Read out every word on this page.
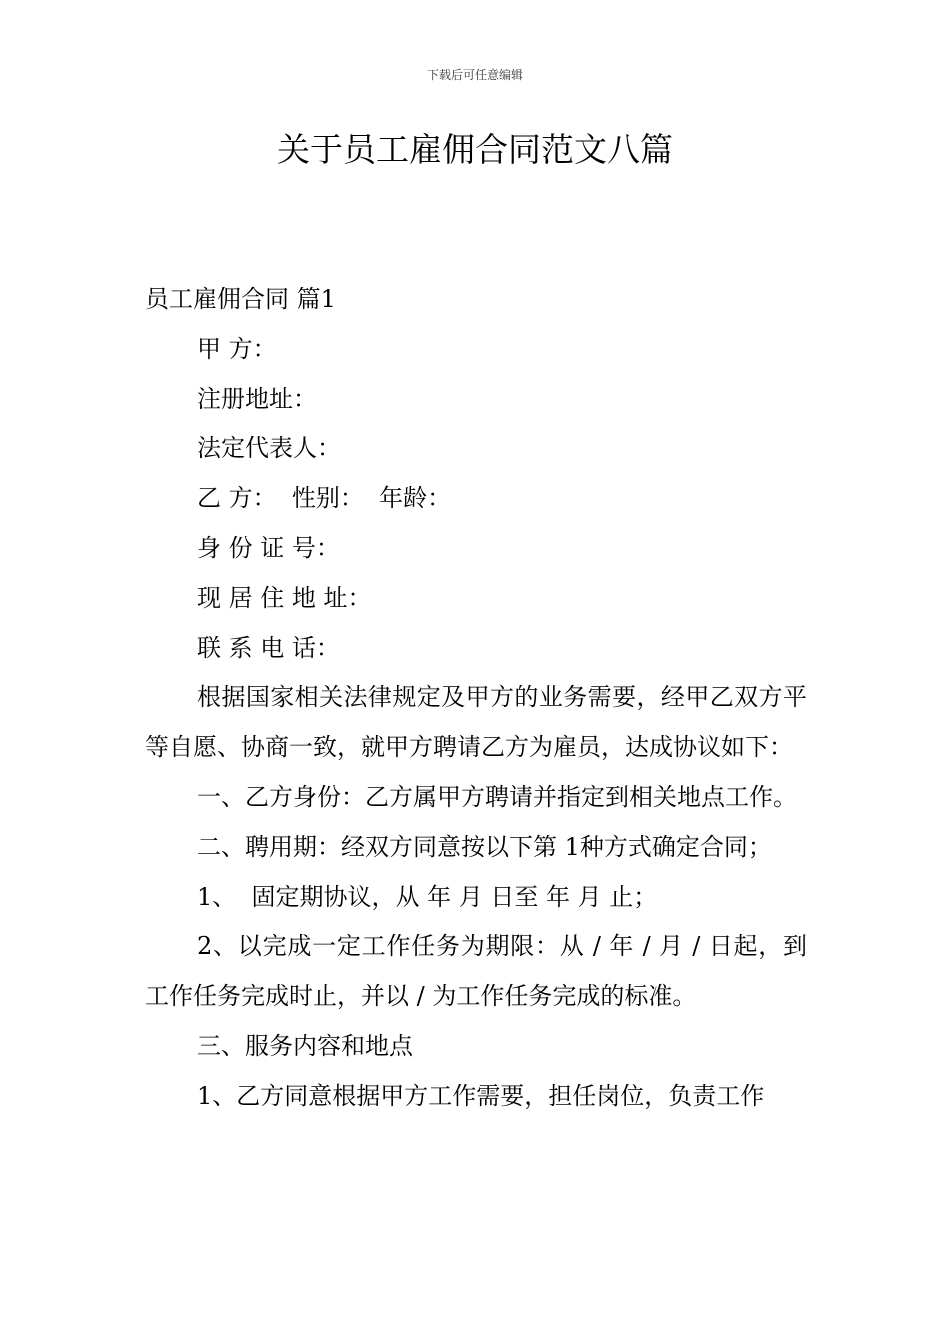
下载后可任意编辑
关于员工雇佣合同范文八篇

员工雇佣合同 篇1

甲 方：

注册地址：

法定代表人：

乙 方：  性别：  年龄：

身 份 证 号：

现 居 住 地 址：

联 系 电 话：

根据国家相关法律规定及甲方的业务需要，经甲乙双方平等自愿、协商一致，就甲方聘请乙方为雇员，达成协议如下：

一、乙方身份：乙方属甲方聘请并指定到相关地点工作。

二、聘用期：经双方同意按以下第 1种方式确定合同；

1、  固定期协议，从 年 月 日至 年 月 止；

2、以完成一定工作任务为期限：从 / 年 / 月 / 日起，到工作任务完成时止，并以 / 为工作任务完成的标准。

三、服务内容和地点

1、乙方同意根据甲方工作需要，担任岗位，负责工作
